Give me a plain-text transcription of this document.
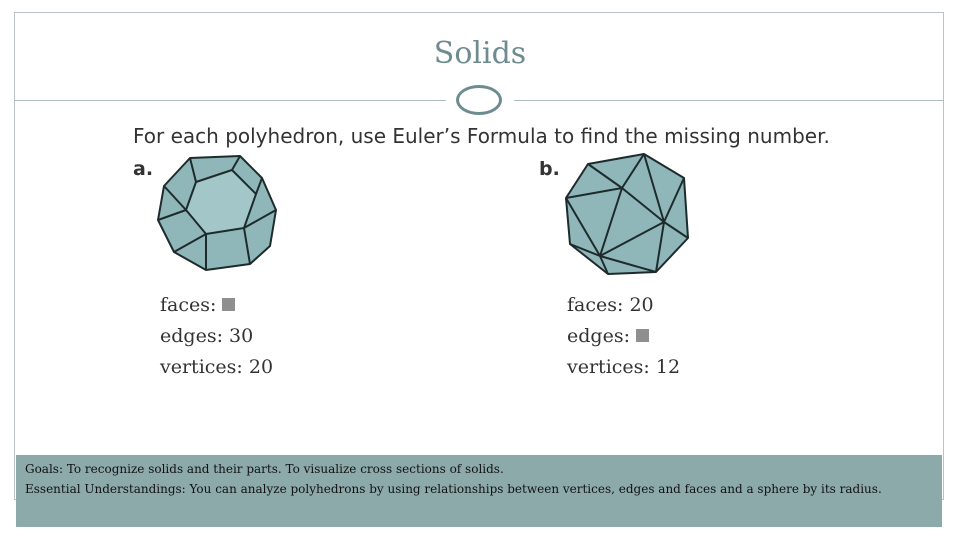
Solids
For each polyhedron, use Euler’s Formula to find the missing number.
a.	b.
faces:
edges: 30
vertices: 20
faces: 20
edges:
vertices: 12
Goals: To recognize solids and their parts. To visualize cross sections of solids.
Essential Understandings: You can analyze polyhedrons by using relationships between vertices, edges and faces and a sphere by its radius.
